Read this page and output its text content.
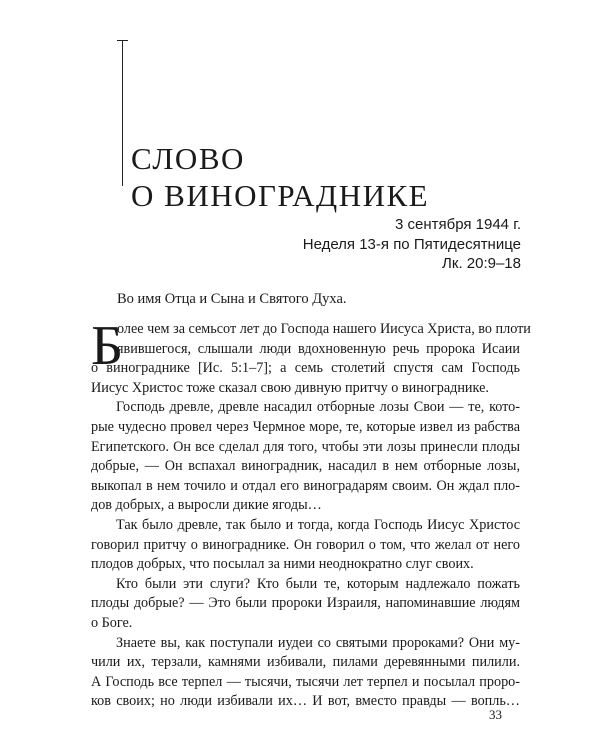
СЛОВО
О ВИНОГРАДНИКЕ
3 сентября 1944 г.
Неделя 13-я по Пятидесятнице
Лк. 20:9–18
Во имя Отца и Сына и Святого Духа.
Б
олее чем за семьсот лет до Господа нашего Иисуса Христа, во плоти
явившегося, слышали люди вдохновенную речь пророка Исаии
о винограднике [Ис. 5:1–7]; а семь столетий спустя сам Господь
Иисус Христос тоже сказал свою дивную притчу о винограднике.
Господь древле, древле насадил отборные лозы Свои — те, кото-
рые чудесно провел через Чермное море, те, которые извел из рабства
Египетского. Он все сделал для того, чтобы эти лозы принесли плоды
добрые, — Он вспахал виноградник, насадил в нем отборные лозы,
выкопал в нем точило и отдал его виноградарям своим. Он ждал пло-
дов добрых, а выросли дикие ягоды…
Так было древле, так было и тогда, когда Господь Иисус Христос
говорил притчу о винограднике. Он говорил о том, что желал от него
плодов добрых, что посылал за ними неоднократно слуг своих.
Кто были эти слуги? Кто были те, которым надлежало пожать
плоды добрые? — Это были пророки Израиля, напоминавшие людям
о Боге.
Знаете вы, как поступали иудеи со святыми пророками? Они му-
чили их, терзали, камнями избивали, пилами деревянными пилили.
А Господь все терпел — тысячи, тысячи лет терпел и посылал проро-
ков своих; но люди избивали их… И вот, вместо правды — вопль…
33
